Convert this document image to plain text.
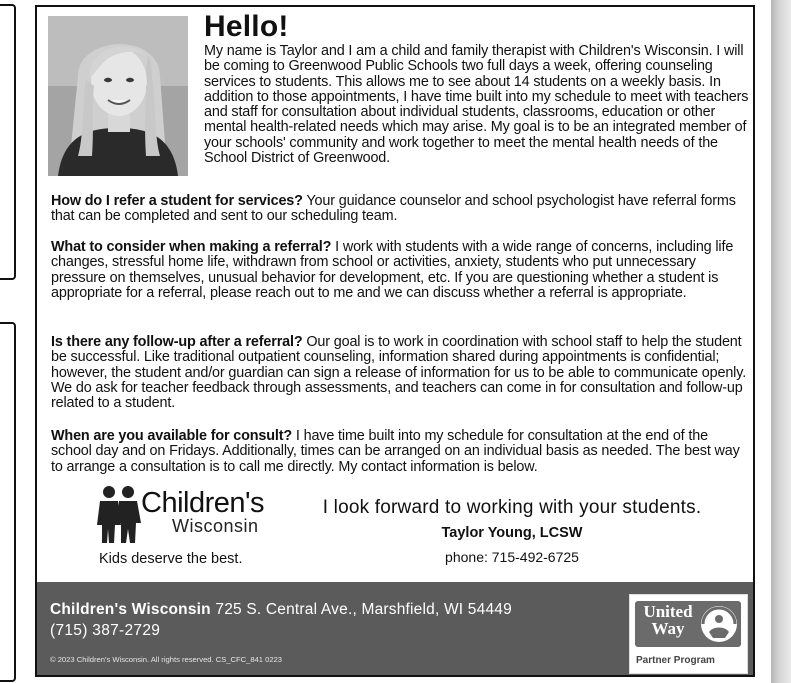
Hello!
My name is Taylor and I am a child and family therapist with Children's Wisconsin. I will be coming to Greenwood Public Schools two full days a week, offering counseling services to students. This allows me to see about 14 students on a weekly basis. In addition to those appointments, I have time built into my schedule to meet with teachers and staff for consultation about individual students, classrooms, education or other mental health-related needs which may arise. My goal is to be an integrated member of your schools' community and work together to meet the mental health needs of the School District of Greenwood.
How do I refer a student for services? Your guidance counselor and school psychologist have referral forms that can be completed and sent to our scheduling team.
What to consider when making a referral? I work with students with a wide range of concerns, including life changes, stressful home life, withdrawn from school or activities, anxiety, students who put unnecessary pressure on themselves, unusual behavior for development, etc. If you are questioning whether a student is appropriate for a referral, please reach out to me and we can discuss whether a referral is appropriate.
Is there any follow-up after a referral? Our goal is to work in coordination with school staff to help the student be successful. Like traditional outpatient counseling, information shared during appointments is confidential; however, the student and/or guardian can sign a release of information for us to be able to communicate openly. We do ask for teacher feedback through assessments, and teachers can come in for consultation and follow-up related to a student.
When are you available for consult? I have time built into my schedule for consultation at the end of the school day and on Fridays. Additionally, times can be arranged on an individual basis as needed. The best way to arrange a consultation is to call me directly. My contact information is below.
Children's
Wisconsin
Kids deserve the best.
I look forward to working with your students.
Taylor Young, LCSW
phone: 715-492-6725
Children's Wisconsin 725 S. Central Ave., Marshfield, WI 54449
(715) 387-2729
© 2023 Children's Wisconsin. All rights reserved. CS_CFC_841 0223
United
Way
Partner Program
